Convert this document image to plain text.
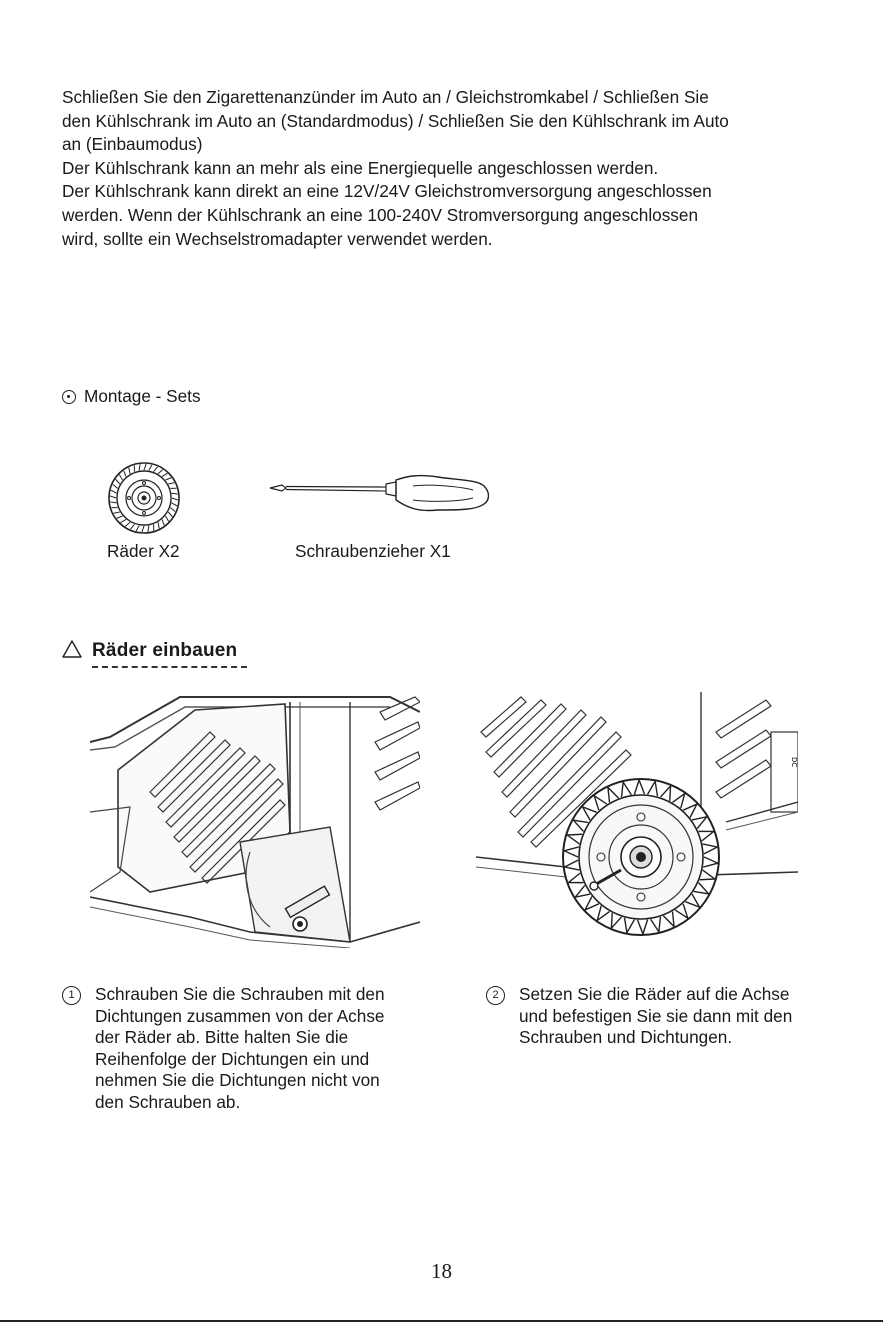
Schließen Sie den Zigarettenanzünder im Auto an / Gleichstromkabel / Schließen Sie
den Kühlschrank im Auto an (Standardmodus) / Schließen Sie den Kühlschrank im Auto
an (Einbaumodus)
Der Kühlschrank kann an mehr als eine Energiequelle angeschlossen werden.
Der Kühlschrank kann direkt an eine 12V/24V Gleichstromversorgung angeschlossen
werden. Wenn der Kühlschrank an eine 100-240V Stromversorgung angeschlossen
wird, sollte ein Wechselstromadapter verwendet werden.
Montage - Sets
Räder X2	Schraubenzieher X1
Räder einbauen
DC
1	Schrauben Sie die Schrauben mit den
Dichtungen zusammen von der Achse
der Räder ab. Bitte halten Sie die
Reihenfolge der Dichtungen ein und
nehmen Sie die Dichtungen nicht von
den Schrauben ab.
2	Setzen Sie die Räder auf die Achse
und befestigen Sie sie dann mit den
Schrauben und Dichtungen.
18
